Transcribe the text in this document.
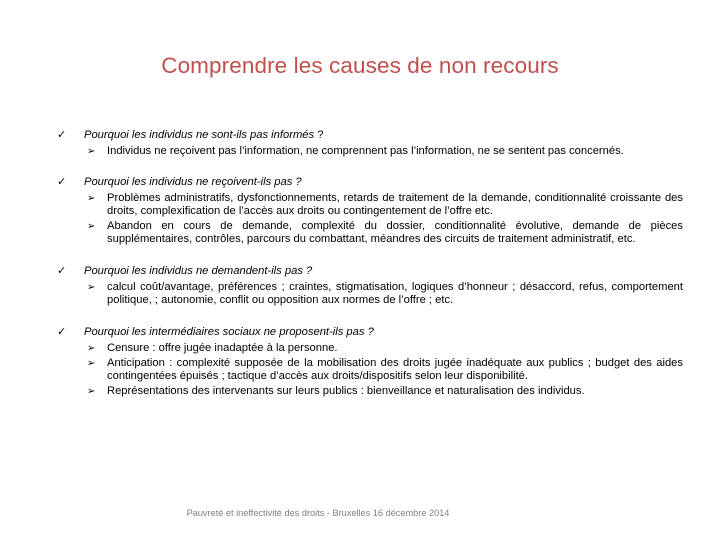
Comprendre les causes de non recours
✓ Pourquoi les individus ne sont-ils pas informés ?
➢ Individus ne reçoivent pas l’information, ne comprennent pas l’information, ne se sentent pas concernés.
✓ Pourquoi les individus ne reçoivent-ils pas ?
➢ Problèmes administratifs, dysfonctionnements, retards de traitement de la demande, conditionnalité croissante des droits, complexification de l’accès aux droits ou contingentement de l’offre etc.
➢ Abandon en cours de demande, complexité du dossier, conditionnalité évolutive, demande de pièces supplémentaires, contrôles, parcours du combattant, méandres des circuits de traitement administratif, etc.
✓ Pourquoi les individus ne demandent-ils pas ?
➢ calcul coût/avantage, préférences ; craintes, stigmatisation, logiques d’honneur ; désaccord, refus, comportement politique, ; autonomie, conflit ou opposition aux normes de l’offre ; etc.
✓ Pourquoi les intermédiaires sociaux ne proposent-ils pas ?
➢ Censure : offre jugée inadaptée à la personne.
➢ Anticipation : complexité supposée de la mobilisation des droits jugée inadéquate aux publics ; budget des aides contingentées épuisés ; tactique d’accès aux droits/dispositifs selon leur disponibilité.
➢ Représentations des intervenants sur leurs publics : bienveillance et naturalisation des individus.
Pauvreté et ineffectivité des droits - Bruxelles 16 décembre 2014
